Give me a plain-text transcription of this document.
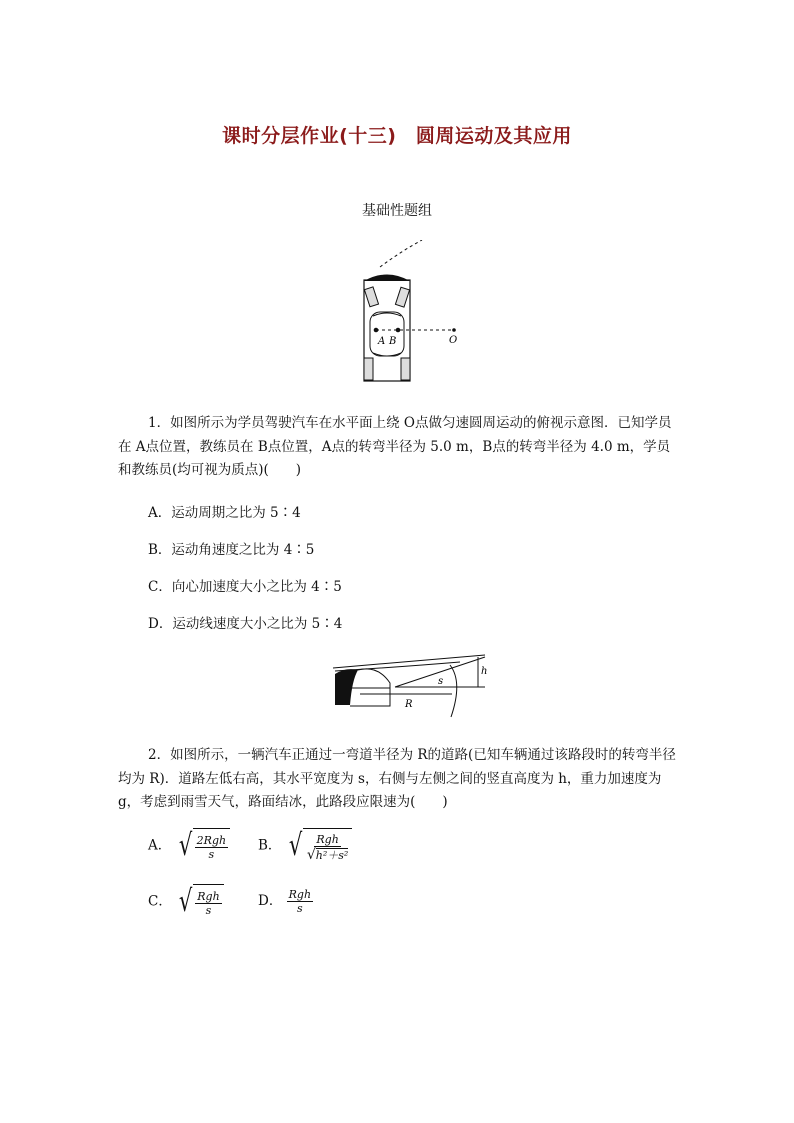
课时分层作业(十三)　圆周运动及其应用
基础性题组
A B	O
1．如图所示为学员驾驶汽车在水平面上绕 O点做匀速圆周运动的俯视示意图．已知学员在 A点位置，教练员在 B点位置，A点的转弯半径为 5.0 m，B点的转弯半径为 4.0 m，学员和教练员(均可视为质点)(　　)
A．运动周期之比为 5∶4
B．运动角速度之比为 4∶5
C．向心加速度大小之比为 4∶5
D．运动线速度大小之比为 5∶4
h
s
R
2．如图所示，一辆汽车正通过一弯道半径为 R的道路(已知车辆通过该路段时的转弯半径均为 R)．道路左低右高，其水平宽度为 s，右侧与左侧之间的竖直高度为 h，重力加速度为 g，考虑到雨雪天气，路面结冰，此路段应限速为(　　)
A． √ $\frac{\text{2Rgh}}{s}$ B． √ $\frac{\text{Rgh}}{\text{√h²＋s²}}$
C． √ $\frac{\text{Rgh}}{s}$	D． $\frac{\text{Rgh}}{s}$
